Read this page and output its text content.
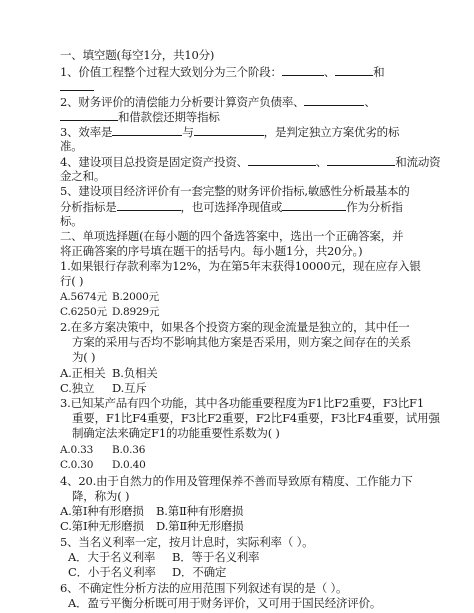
一、填空题(每空1分，共10分)
1、价值工程整个过程大致划分为三个阶段：	、	和
2、财务评价的清偿能力分析要计算资产负债率、	、
和借款偿还期等指标
3、效率是	与	，是判定独立方案优劣的标
准。
4、建设项目总投资是固定资产投资、	、	和流动资
金之和。
5、建设项目经济评价有一套完整的财务评价指标,敏感性分析最基本的
分析指标是	，也可选择净现值或	作为分析指
标。
二、单项选择题(在每小题的四个备选答案中，选出一个正确答案，并
将正确答案的序号填在题干的括号内。每小题1分，共20分。)
1.如果银行存款利率为12%，为在第5年末获得10000元，现在应存入银
行( )
A.5674元 B.2000元
C.6250元 D.8929元
2.在多方案决策中，如果各个投资方案的现金流量是独立的，其中任一
方案的采用与否均不影响其他方案是否采用，则方案之间存在的关系
为( )
A.正相关 B.负相关
C.独立 D.互斥
3.已知某产品有四个功能，其中各功能重要程度为F1比F2重要，F3比F1
重要，F1比F4重要，F3比F2重要，F2比F4重要，F3比F4重要，试用强
制确定法来确定F1的功能重要性系数为( )
A.0.33 B.0.36
C.0.30 D.0.40
4、20.由于自然力的作用及管理保养不善而导致原有精度、工作能力下
降，称为( )
A.第Ⅰ种有形磨损 B.第Ⅱ种有形磨损
C.第Ⅰ种无形磨损 D.第Ⅱ种无形磨损
5、当名义利率一定，按月计息时，实际利率（ ）。
A．大于名义利率 B．等于名义利率
C．小于名义利率 D．不确定
6、不确定性分析方法的应用范围下列叙述有误的是（ ）。
A．盈亏平衡分析既可用于财务评价，又可用于国民经济评价。
